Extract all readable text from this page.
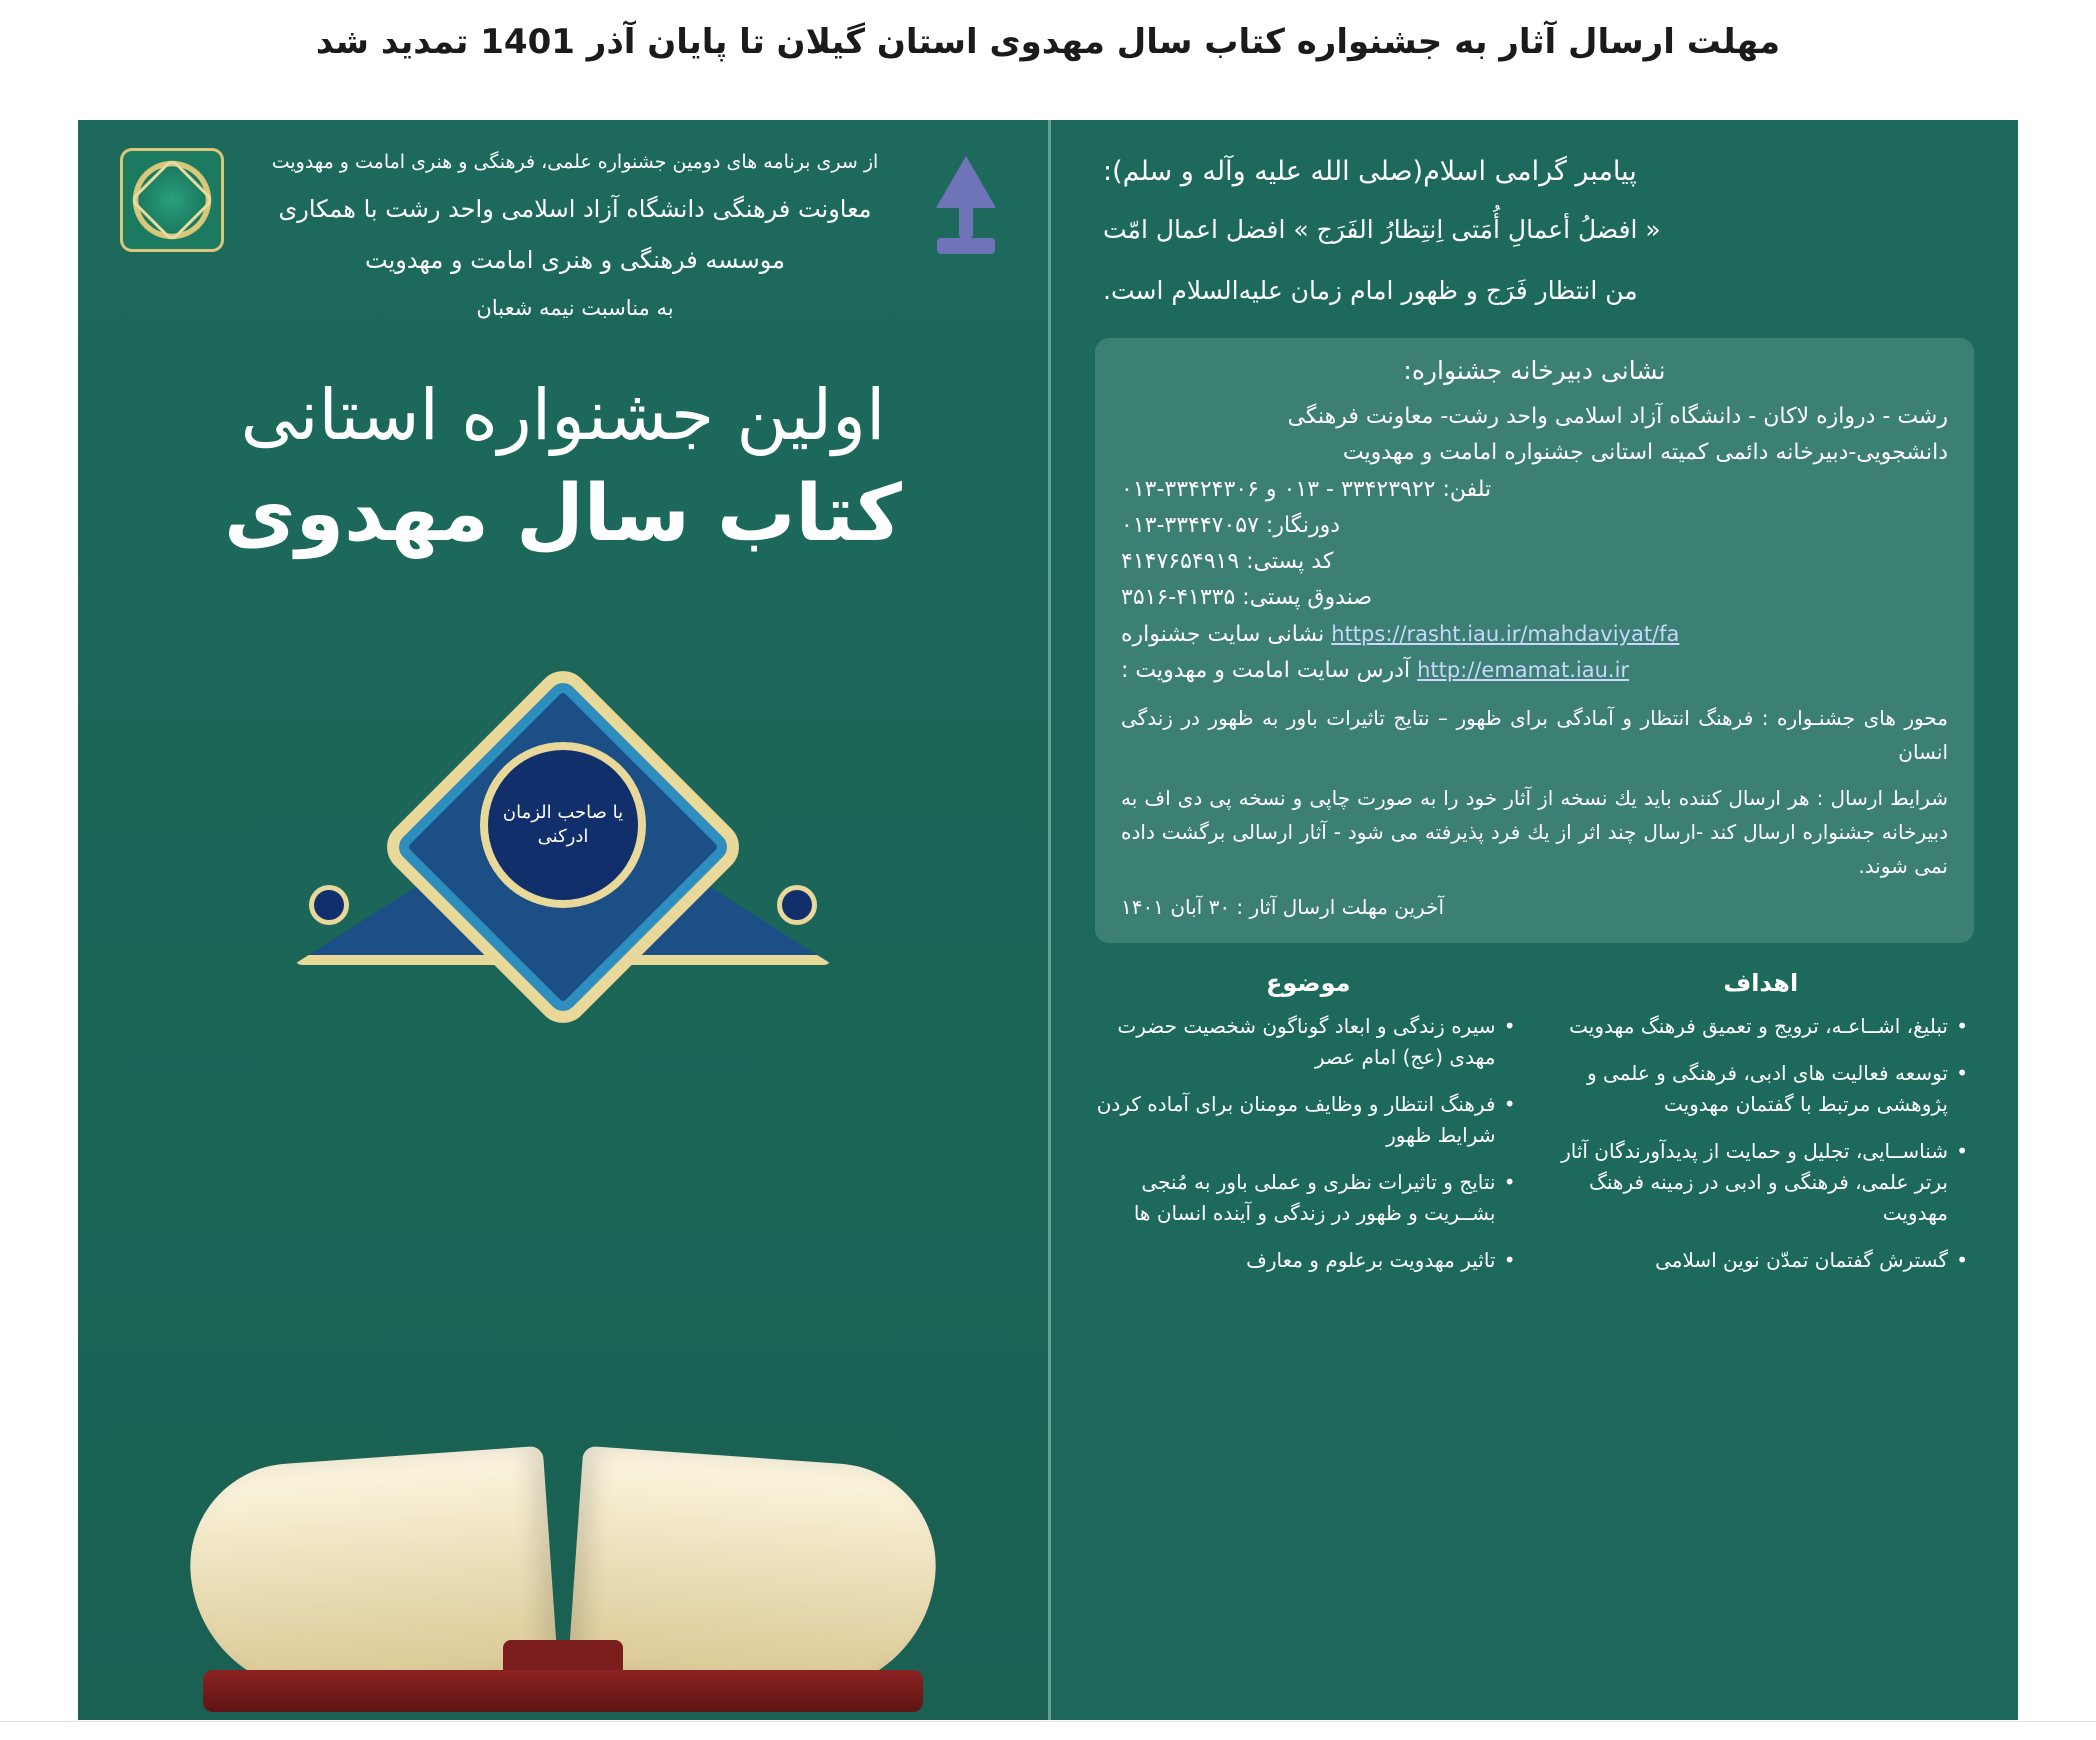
مهلت ارسال آثار به جشنواره کتاب سال مهدوی استان گیلان تا پایان آذر 1401 تمدید شد
از سری برنامه های دومین جشنواره علمی، فرهنگی و هنری امامت و مهدویت
معاونت فرهنگی دانشگاه آزاد اسلامی واحد رشت با همکاری
موسسه فرهنگی و هنری امامت و مهدویت
به مناسبت نیمه شعبان
اولین جشنواره استانی
کتاب سال مهدوی
یا صاحب الزمان ادرکنی
پیامبر گرامی اسلام(صلی الله علیه وآله و سلم):
« افضلُ أعمالِ أُمَتی اِنتِظارُ الفَرَج » افضل اعمال امّت
من انتظار فَرَج و ظهور امام زمان علیه‌السلام است.
نشانی دبیرخانه جشنواره:
رشت - دروازه لاکان - دانشگاه آزاد اسلامی واحد رشت- معاونت فرهنگی
دانشجویی-دبیرخانه دائمی کمیته استانی جشنواره امامت و مهدویت
تلفن: ۳۳۴۲۳۹۲۲ - ۰۱۳ و ۳۳۴۲۴۳۰۶-۰۱۳
دورنگار: ۳۳۴۴۷۰۵۷-۰۱۳
کد پستی: ۴۱۴۷۶۵۴۹۱۹
صندوق پستی: ۴۱۳۳۵-۳۵۱۶
https://rasht.iau.ir/mahdaviyat/fa نشانی سایت جشنواره
http://emamat.iau.ir آدرس سایت امامت و مهدویت :
محور های جشنـواره : فرهنگ انتظار و آمادگی برای ظهور – نتایج تاثیرات باور به ظهور در زندگی انسان
شرایط ارسال : هر ارسال کننده باید یك نسخه از آثار خود را به صورت چاپی و نسخه پی دی اف به دبیرخانه جشنواره ارسال کند -ارسال چند اثر از یك فرد پذیرفته می شود - آثار ارسالی برگشت داده نمی شوند.
آخرین مهلت ارسال آثار : ۳۰ آبان ۱۴۰۱
اهداف
• تبلیغ، اشــاعـه، ترویج و تعمیق فرهنگ مهدویت
• توسعه فعالیت های ادبی، فرهنگی و علمی و پژوهشی مرتبط با گفتمان مهدویت
• شناســایی، تجلیل و حمایت از پدیدآورندگان آثار برتر علمی، فرهنگی و ادبی در زمینه فرهنگ مهدویت
• گسترش گفتمان تمدّن نوین اسلامی
موضوع
• سیره زندگی و ابعاد گوناگون شخصیت حضرت مهدی (عج) امام عصر
• فرهنگ انتظار و وظایف مومنان برای آماده کردن شرایط ظهور
• نتایج و تاثیرات نظری و عملی باور به مُنجی بشــریت و ظهور در زندگی و آینده انسان ها
• تاثیر مهدویت برعلوم و معارف
